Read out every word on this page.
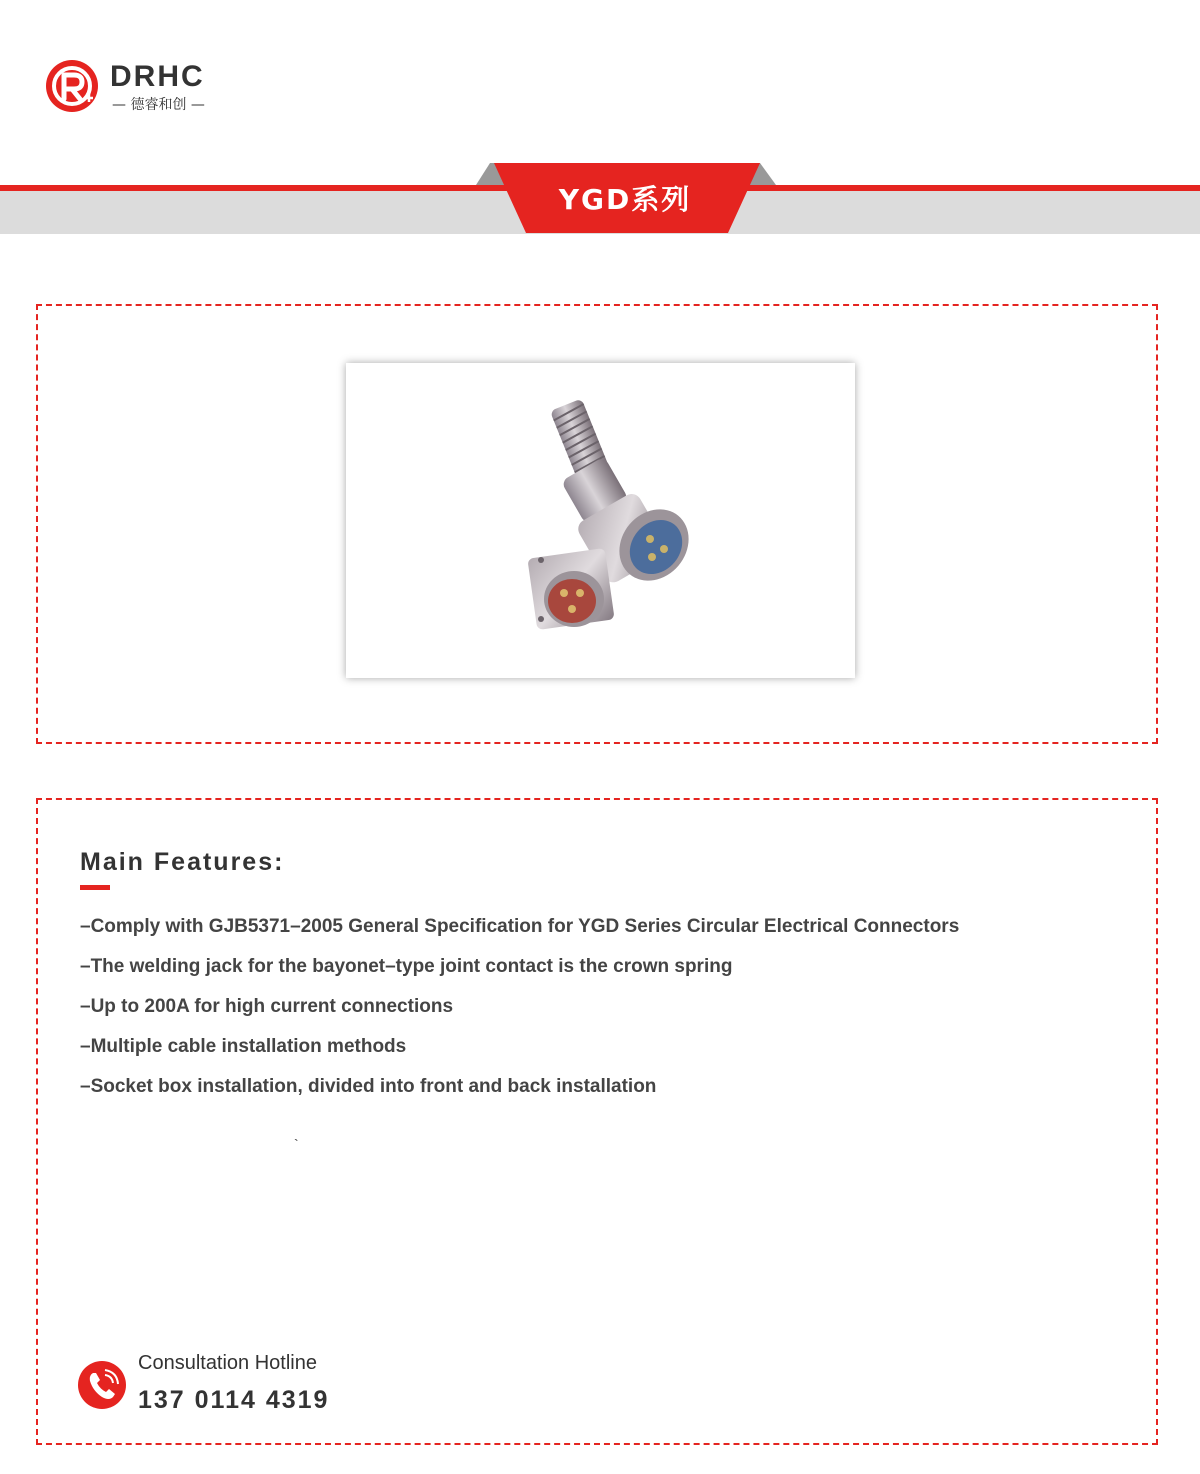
DRHC
— 德睿和创 —
YGD系列
Main Features:
–Comply with GJB5371–2005 General Specification for YGD Series Circular Electrical Connectors
–The welding jack for the bayonet–type joint contact is the crown spring
–Up to 200A for high current connections
–Multiple cable installation methods
–Socket box installation, divided into front and back installation
`
Consultation Hotline
137 0114 4319
